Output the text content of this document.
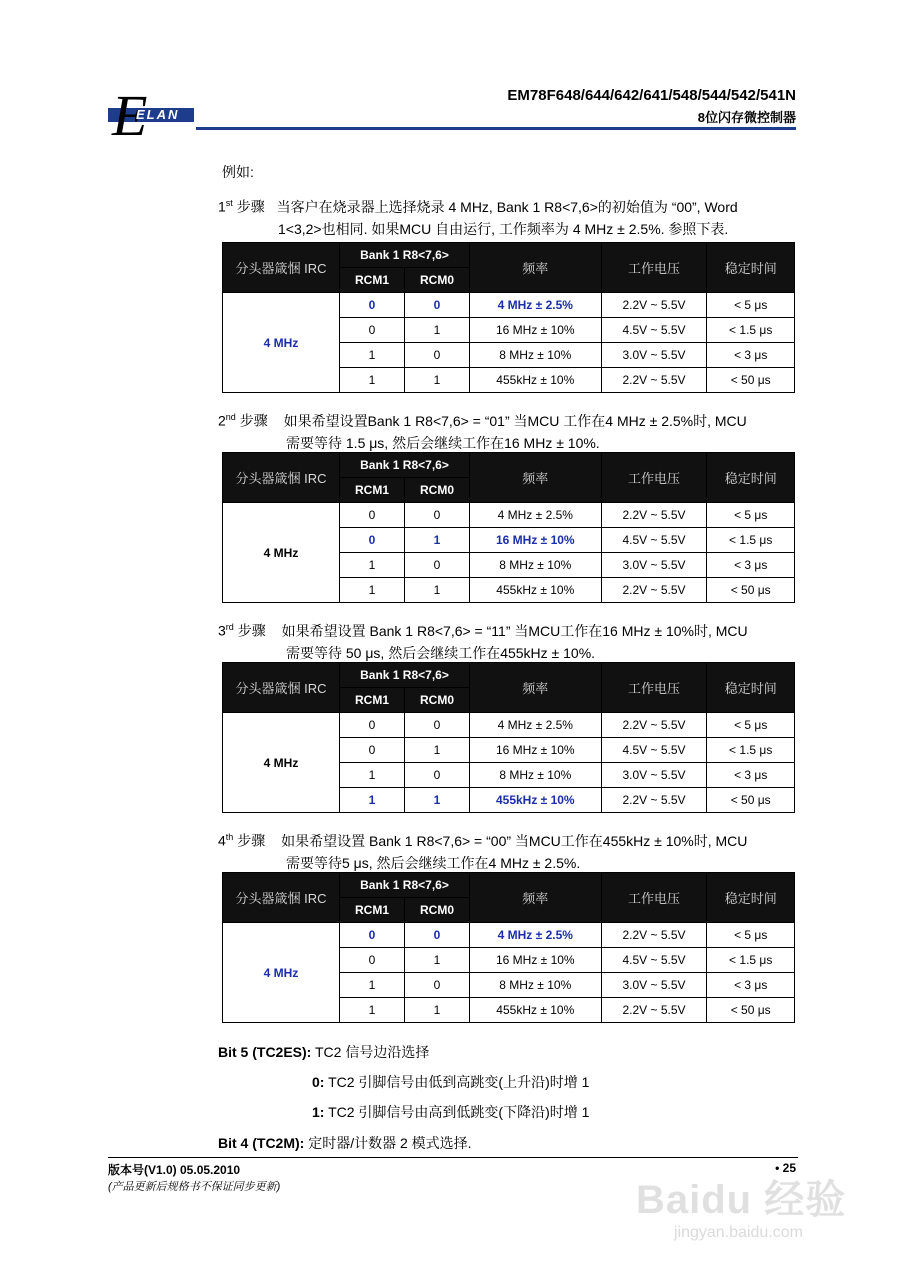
E
ELAN
EM78F648/644/642/641/548/544/542/541N
8位闪存微控制器
例如:
1st 步骤 当客户在烧录器上选择烧录 4 MHz, Bank 1 R8<7,6>的初始值为 “00”, Word
1<3,2>也相同. 如果MCU 自由运行, 工作频率为 4 MHz ± 2.5%. 参照下表.
分头器箴悃 IRC	Bank 1 R8<7,6>		频率	工作电压	稳定时间
	RCM1	RCM0			
4 MHz	0	0	4 MHz ± 2.5%	2.2V ~ 5.5V	< 5 μs
	0	1	16 MHz ± 10%	4.5V ~ 5.5V	< 1.5 μs
	1	0	8 MHz ± 10%	3.0V ~ 5.5V	< 3 μs
	1	1	455kHz ± 10%	2.2V ~ 5.5V	< 50 μs
2nd 步骤 如果希望设置Bank 1 R8<7,6> = “01” 当MCU 工作在4 MHz ± 2.5%时, MCU
需要等待 1.5 μs, 然后会继续工作在16 MHz ± 10%.
分头器箴悃 IRC	Bank 1 R8<7,6>		频率	工作电压	稳定时间
	RCM1	RCM0			
4 MHz	0	0	4 MHz ± 2.5%	2.2V ~ 5.5V	< 5 μs
	0	1	16 MHz ± 10%	4.5V ~ 5.5V	< 1.5 μs
	1	0	8 MHz ± 10%	3.0V ~ 5.5V	< 3 μs
	1	1	455kHz ± 10%	2.2V ~ 5.5V	< 50 μs
3rd 步骤 如果希望设置 Bank 1 R8<7,6> = “11” 当MCU工作在16 MHz ± 10%时, MCU
需要等待 50 μs, 然后会继续工作在455kHz ± 10%.
分头器箴悃 IRC	Bank 1 R8<7,6>		频率	工作电压	稳定时间
	RCM1	RCM0			
4 MHz	0	0	4 MHz ± 2.5%	2.2V ~ 5.5V	< 5 μs
	0	1	16 MHz ± 10%	4.5V ~ 5.5V	< 1.5 μs
	1	0	8 MHz ± 10%	3.0V ~ 5.5V	< 3 μs
	1	1	455kHz ± 10%	2.2V ~ 5.5V	< 50 μs
4th 步骤 如果希望设置 Bank 1 R8<7,6> = “00” 当MCU工作在455kHz ± 10%时, MCU
需要等待5 μs, 然后会继续工作在4 MHz ± 2.5%.
分头器箴悃 IRC	Bank 1 R8<7,6>		频率	工作电压	稳定时间
	RCM1	RCM0			
4 MHz	0	0	4 MHz ± 2.5%	2.2V ~ 5.5V	< 5 μs
	0	1	16 MHz ± 10%	4.5V ~ 5.5V	< 1.5 μs
	1	0	8 MHz ± 10%	3.0V ~ 5.5V	< 3 μs
	1	1	455kHz ± 10%	2.2V ~ 5.5V	< 50 μs
Bit 5 (TC2ES): TC2 信号边沿选择
0: TC2 引脚信号由低到高跳变(上升沿)时增 1
1: TC2 引脚信号由高到低跳变(下降沿)时增 1
Bit 4 (TC2M): 定时器/计数器 2 模式选择.
版本号(V1.0) 05.05.2010
(产品更新后规格书不保证同步更新)
• 25
Baidu 经验
jingyan.baidu.com
